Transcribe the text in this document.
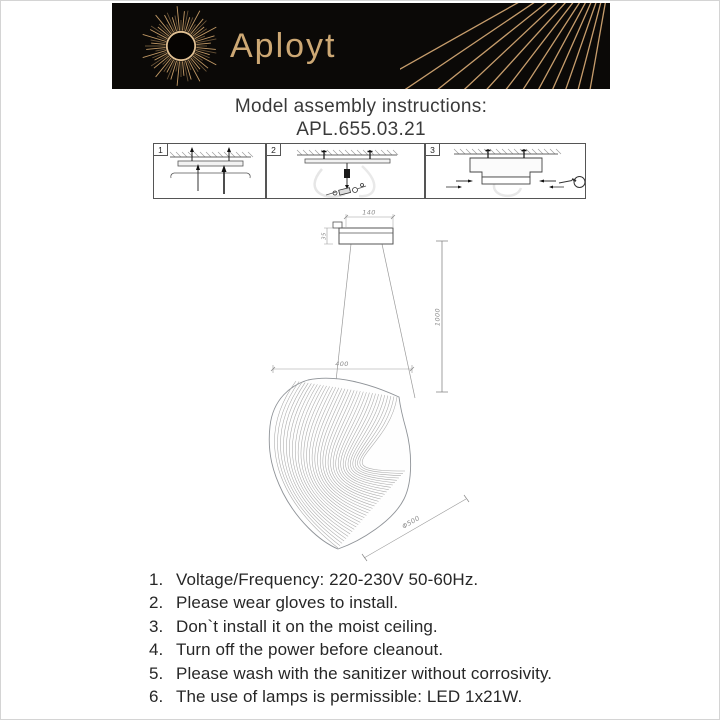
Aployt
Model assembly instructions:
APL.655.03.21
1	2	3
140
35
1000
400
Φ500
1. Voltage/Frequency: 220-230V 50-60Hz.
2. Please wear gloves to install.
3. Don`t install it on the moist ceiling.
4. Turn off the power before cleanout.
5. Please wash with the sanitizer without corrosivity.
6. The use of lamps is permissible: LED 1x21W.
